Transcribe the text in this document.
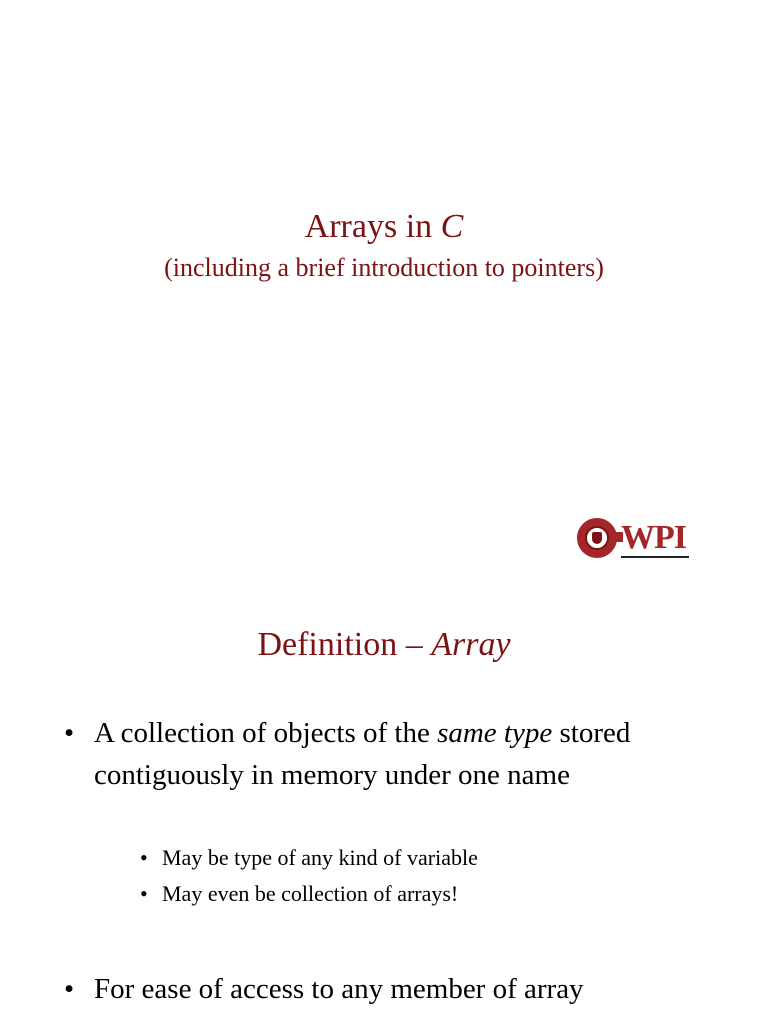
Arrays in C
(including a brief introduction to pointers)
WPI
Definition – Array
• A collection of objects of the same type stored contiguously in memory under one name
• May be type of any kind of variable
• May even be collection of arrays!
• For ease of access to any member of array
